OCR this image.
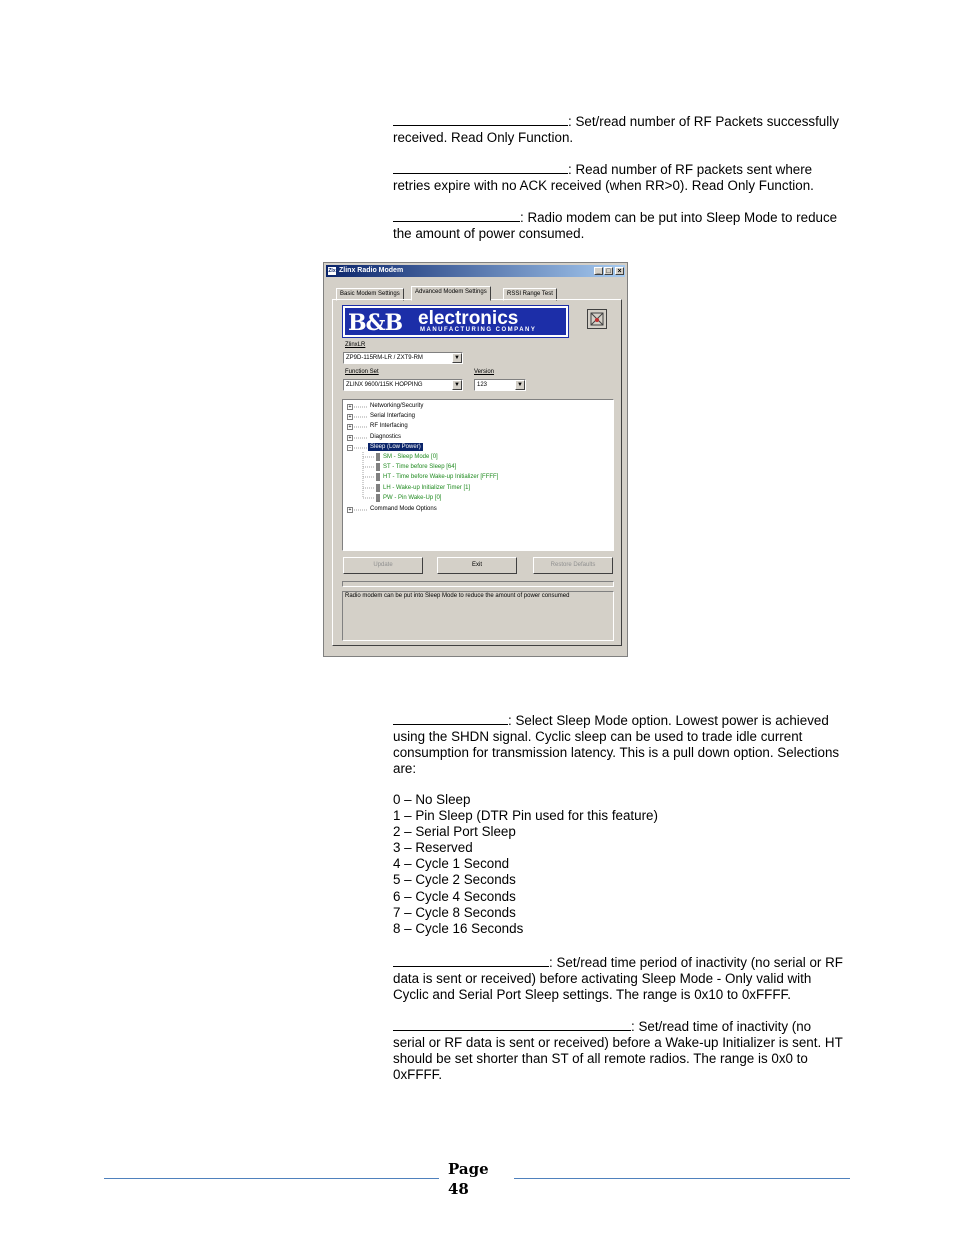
: Set/read number of RF Packets successfully received. Read Only Function.

: Read number of RF packets sent where retries expire with no ACK received (when RR>0). Read Only Function.

: Radio modem can be put into Sleep Mode to reduce the amount of power consumed.

Zlx Zlinx Radio Modem	_ □ ×
Basic Modem Settings	Advanced Modem Settings	RSSI Range Test
B&B electronics
MANUFACTURING COMPANY
ZlinxLR
ZP9D-115RM-LR / ZXT9-RM	▼
Function Set
ZLINX 9600/115K HOPPING	▼
Version
123	▼
+	Networking/Security
+	Serial Interfacing
+	RF Interfacing
+	Diagnostics
−	Sleep (Low Power)
SM - Sleep Mode [0]
ST - Time before Sleep [64]
HT - Time before Wake-up Initializer [FFFF]
LH - Wake-up Initializer Timer [1]
PW - Pin Wake-Up [0]
+	Command Mode Options
Update	Exit	Restore Defaults
Radio modem can be put into Sleep Mode to reduce the amount of power consumed

: Select Sleep Mode option. Lowest power is achieved using the SHDN signal. Cyclic sleep can be used to trade idle current consumption for transmission latency. This is a pull down option. Selections are:

0 – No Sleep
1 – Pin Sleep (DTR Pin used for this feature)
2 – Serial Port Sleep
3 – Reserved
4 – Cycle 1 Second
5 – Cycle 2 Seconds
6 – Cycle 4 Seconds
7 – Cycle 8 Seconds
8 – Cycle 16 Seconds

: Set/read time period of inactivity (no serial or RF data is sent or received) before activating Sleep Mode - Only valid with Cyclic and Serial Port Sleep settings. The range is 0x10 to 0xFFFF.

: Set/read time of inactivity (no serial or RF data is sent or received) before a Wake-up Initializer is sent. HT should be set shorter than ST of all remote radios. The range is 0x0 to 0xFFFF.

Page
48
